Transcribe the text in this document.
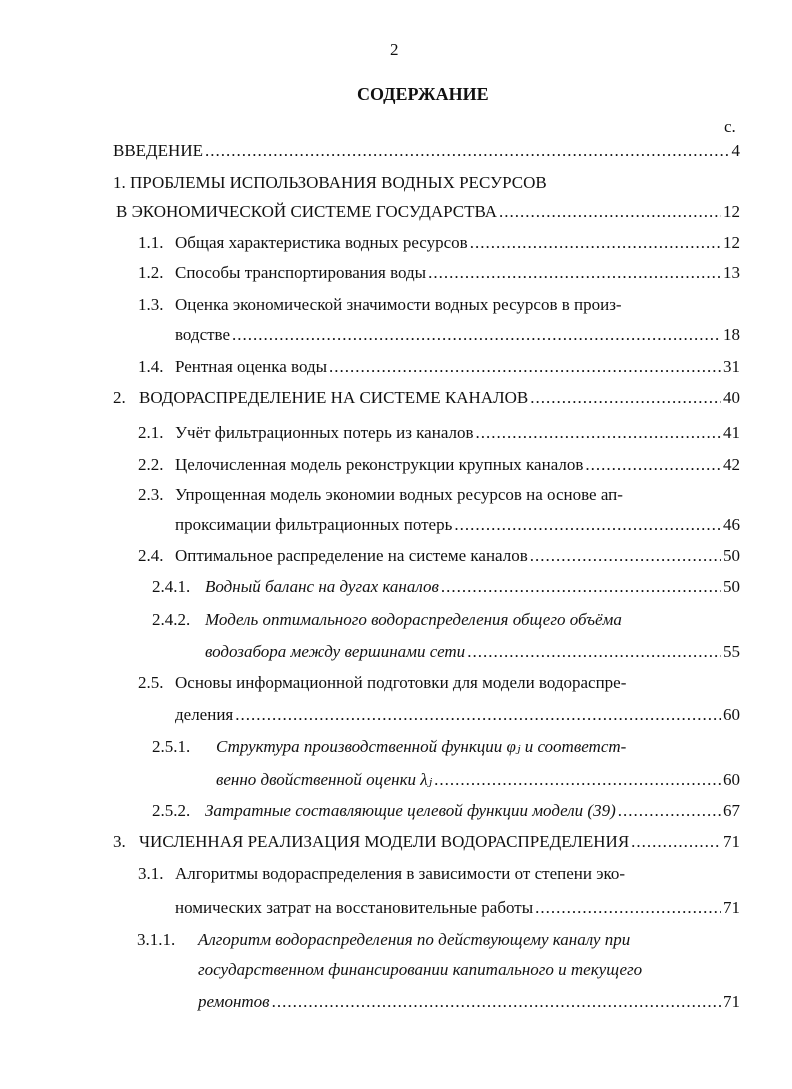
2
СОДЕРЖАНИЕ
с.
ВВЕДЕНИЕ .....	4
1. ПРОБЛЕМЫ ИСПОЛЬЗОВАНИЯ ВОДНЫХ РЕСУРСОВ
В ЭКОНОМИЧЕСКОЙ СИСТЕМЕ ГОСУДАРСТВА .....	12
1.1. Общая характеристика водных ресурсов .....	12
1.2. Способы транспортирования воды .....	13
1.3. Оценка экономической значимости водных ресурсов в произ-
водстве .....	18
1.4. Рентная оценка воды .....	31
2. ВОДОРАСПРЕДЕЛЕНИЕ НА СИСТЕМЕ КАНАЛОВ .....	40
2.1. Учёт фильтрационных потерь из каналов .....	41
2.2. Целочисленная модель реконструкции крупных каналов .....	42
2.3. Упрощенная модель экономии водных ресурсов на основе ап-
проксимации фильтрационных потерь .....	46
2.4. Оптимальное распределение на системе каналов .....	50
2.4.1. Водный баланс на дугах каналов .....	50
2.4.2. Модель оптимального водораспределения общего объёма
водозабора между вершинами сети .....	55
2.5. Основы информационной подготовки для модели водораспре-
деления .....	60
2.5.1. Структура производственной функции φⱼ и соответст-
венно двойственной оценки λⱼ .....	60
2.5.2. Затратные составляющие целевой функции модели (39) .....	67
3. ЧИСЛЕННАЯ РЕАЛИЗАЦИЯ МОДЕЛИ ВОДОРАСПРЕДЕЛЕНИЯ .....	71
3.1. Алгоритмы водораспределения в зависимости от степени эко-
номических затрат на восстановительные работы .....	71
3.1.1. Алгоритм водораспределения по действующему каналу при
государственном финансировании капитального и текущего
ремонтов .....	71
